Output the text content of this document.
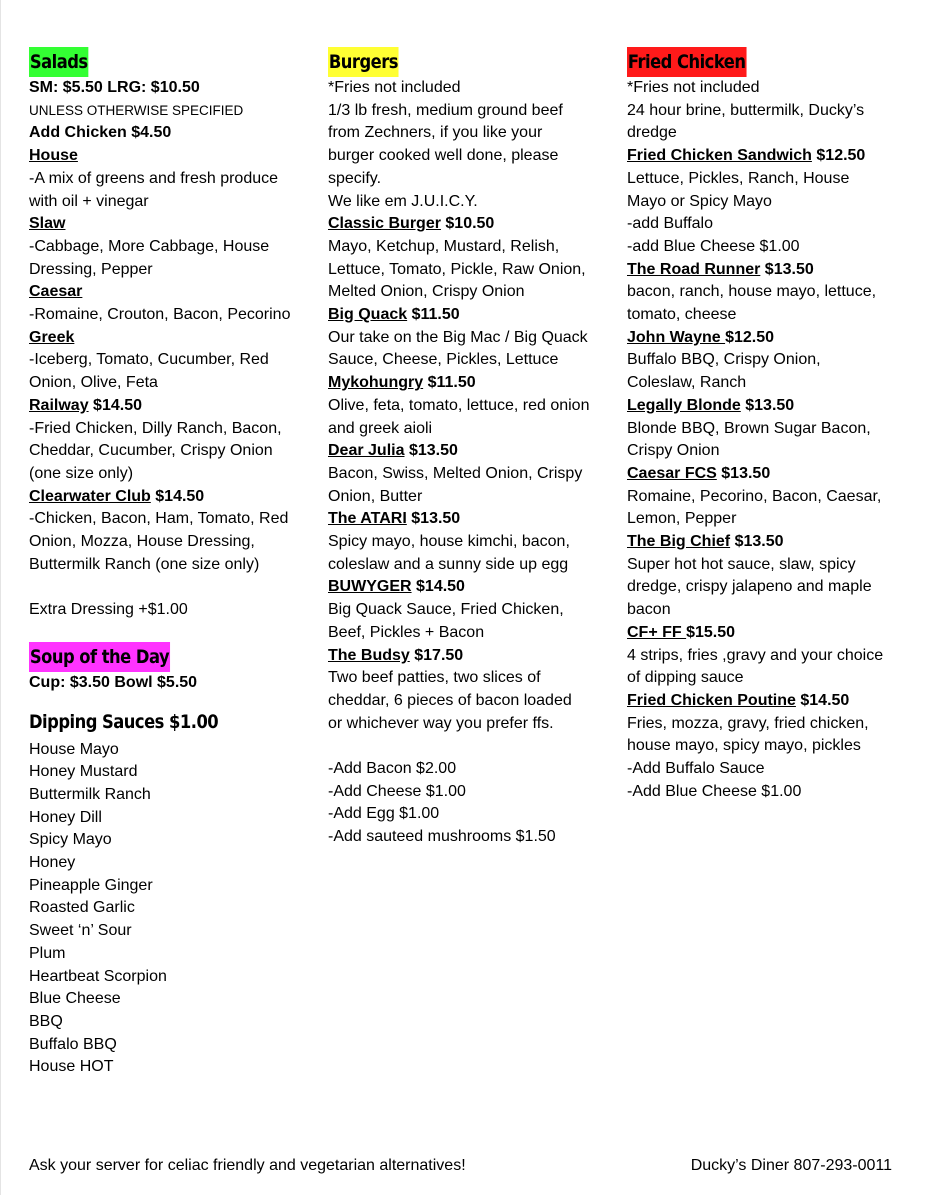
Salads

SM: $5.50 LRG: $10.50

UNLESS OTHERWISE SPECIFIED

Add Chicken $4.50

House

-A mix of greens and fresh produce

with oil + vinegar

Slaw

-Cabbage, More Cabbage, House

Dressing, Pepper

Caesar

-Romaine, Crouton, Bacon, Pecorino

Greek

-Iceberg, Tomato, Cucumber, Red

Onion, Olive, Feta

Railway $14.50

-Fried Chicken, Dilly Ranch, Bacon,

Cheddar, Cucumber, Crispy Onion

(one size only)

Clearwater Club $14.50

-Chicken, Bacon, Ham, Tomato, Red

Onion, Mozza, House Dressing,

Buttermilk Ranch (one size only)

Extra Dressing +$1.00

Soup of the Day

Cup: $3.50 Bowl $5.50

Dipping Sauces $1.00

House Mayo

Honey Mustard

Buttermilk Ranch

Honey Dill

Spicy Mayo

Honey

Pineapple Ginger

Roasted Garlic

Sweet ‘n’ Sour

Plum

Heartbeat Scorpion

Blue Cheese

BBQ

Buffalo BBQ

House HOT

Burgers

*Fries not included

1/3 lb fresh, medium ground beef

from Zechners, if you like your

burger cooked well done, please

specify.

We like em J.U.I.C.Y.

Classic Burger $10.50

Mayo, Ketchup, Mustard, Relish,

Lettuce, Tomato, Pickle, Raw Onion,

Melted Onion, Crispy Onion

Big Quack $11.50

Our take on the Big Mac / Big Quack

Sauce, Cheese, Pickles, Lettuce

Mykohungry $11.50

Olive, feta, tomato, lettuce, red onion

and greek aioli

Dear Julia $13.50

Bacon, Swiss, Melted Onion, Crispy

Onion, Butter

The ATARI $13.50

Spicy mayo, house kimchi, bacon,

coleslaw and a sunny side up egg

BUWYGER $14.50

Big Quack Sauce, Fried Chicken,

Beef, Pickles + Bacon

The Budsy $17.50

Two beef patties, two slices of

cheddar, 6 pieces of bacon loaded

or whichever way you prefer ffs.

-Add Bacon $2.00

-Add Cheese $1.00

-Add Egg $1.00

-Add sauteed mushrooms $1.50

Fried Chicken

*Fries not included

24 hour brine, buttermilk, Ducky’s

dredge

Fried Chicken Sandwich $12.50

Lettuce, Pickles, Ranch, House

Mayo or Spicy Mayo

-add Buffalo

-add Blue Cheese $1.00

The Road Runner $13.50

bacon, ranch, house mayo, lettuce,

tomato, cheese

John Wayne $12.50

Buffalo BBQ, Crispy Onion,

Coleslaw, Ranch

Legally Blonde $13.50

Blonde BBQ, Brown Sugar Bacon,

Crispy Onion

Caesar FCS $13.50

Romaine, Pecorino, Bacon, Caesar,

Lemon, Pepper

The Big Chief $13.50

Super hot hot sauce, slaw, spicy

dredge, crispy jalapeno and maple

bacon

CF+ FF $15.50

4 strips, fries ,gravy and your choice

of dipping sauce

Fried Chicken Poutine $14.50

Fries, mozza, gravy, fried chicken,

house mayo, spicy mayo, pickles

-Add Buffalo Sauce

-Add Blue Cheese $1.00

Ask your server for celiac friendly and vegetarian alternatives!	Ducky’s Diner 807-293-0011
